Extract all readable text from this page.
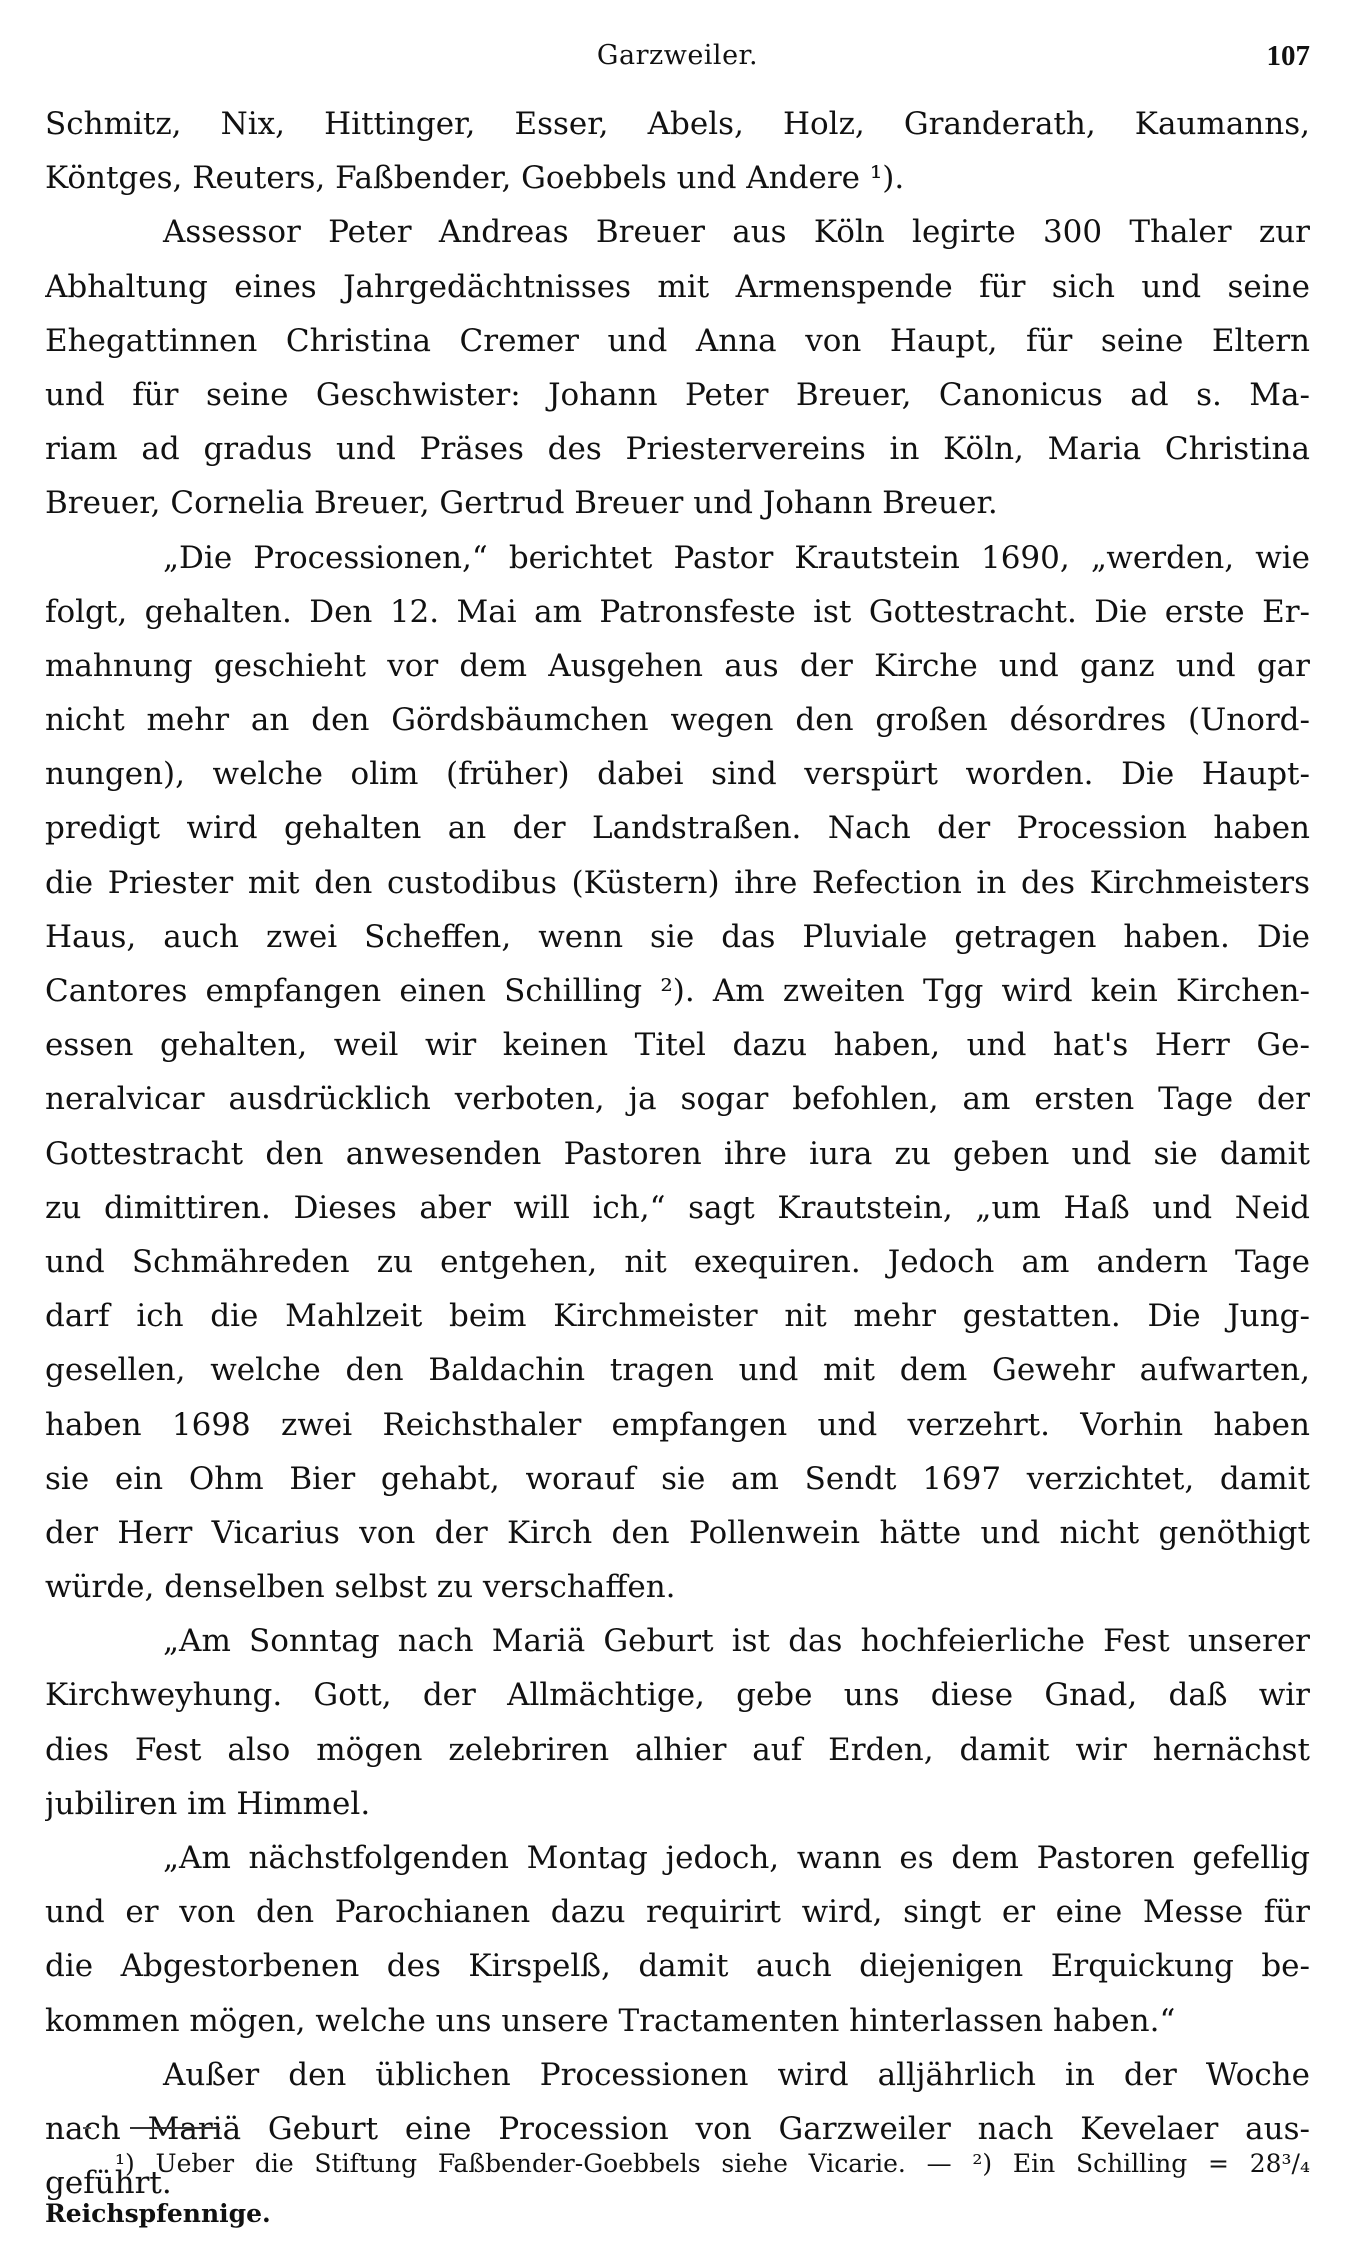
Garzweiler.	107
Schmitz, Nix, Hittinger, Esser, Abels, Holz, Granderath, Kaumanns,
Köntges, Reuters, Faßbender, Goebbels und Andere ¹).
Assessor Peter Andreas Breuer aus Köln legirte 300 Thaler zur
Abhaltung eines Jahrgedächtnisses mit Armenspende für sich und seine
Ehegattinnen Christina Cremer und Anna von Haupt, für seine Eltern
und für seine Geschwister: Johann Peter Breuer, Canonicus ad s. Ma-
riam ad gradus und Präses des Priestervereins in Köln, Maria Christina
Breuer, Cornelia Breuer, Gertrud Breuer und Johann Breuer.
„Die Processionen,“ berichtet Pastor Krautstein 1690, „werden, wie
folgt, gehalten. Den 12. Mai am Patronsfeste ist Gottestracht. Die erste Er-
mahnung geschieht vor dem Ausgehen aus der Kirche und ganz und gar
nicht mehr an den Gördsbäumchen wegen den großen désordres (Unord-
nungen), welche olim (früher) dabei sind verspürt worden. Die Haupt-
predigt wird gehalten an der Landstraßen. Nach der Procession haben
die Priester mit den custodibus (Küstern) ihre Refection in des Kirchmeisters
Haus, auch zwei Scheffen, wenn sie das Pluviale getragen haben. Die
Cantores empfangen einen Schilling ²). Am zweiten Tgg wird kein Kirchen-
essen gehalten, weil wir keinen Titel dazu haben, und hat's Herr Ge-
neralvicar ausdrücklich verboten, ja sogar befohlen, am ersten Tage der
Gottestracht den anwesenden Pastoren ihre iura zu geben und sie damit
zu dimittiren. Dieses aber will ich,“ sagt Krautstein, „um Haß und Neid
und Schmähreden zu entgehen, nit exequiren. Jedoch am andern Tage
darf ich die Mahlzeit beim Kirchmeister nit mehr gestatten. Die Jung-
gesellen, welche den Baldachin tragen und mit dem Gewehr aufwarten,
haben 1698 zwei Reichsthaler empfangen und verzehrt. Vorhin haben
sie ein Ohm Bier gehabt, worauf sie am Sendt 1697 verzichtet, damit
der Herr Vicarius von der Kirch den Pollenwein hätte und nicht genöthigt
würde, denselben selbst zu verschaffen.
„Am Sonntag nach Mariä Geburt ist das hochfeierliche Fest unserer
Kirchweyhung. Gott, der Allmächtige, gebe uns diese Gnad, daß wir
dies Fest also mögen zelebriren alhier auf Erden, damit wir hernächst
jubiliren im Himmel.
„Am nächstfolgenden Montag jedoch, wann es dem Pastoren gefellig
und er von den Parochianen dazu requirirt wird, singt er eine Messe für
die Abgestorbenen des Kirspelß, damit auch diejenigen Erquickung be-
kommen mögen, welche uns unsere Tractamenten hinterlassen haben.“
Außer den üblichen Processionen wird alljährlich in der Woche
nach Mariä Geburt eine Procession von Garzweiler nach Kevelaer aus-
geführt.
¹) Ueber die Stiftung Faßbender-Goebbels siehe Vicarie. — ²) Ein Schilling = 28³/₄
Reichspfennige.
